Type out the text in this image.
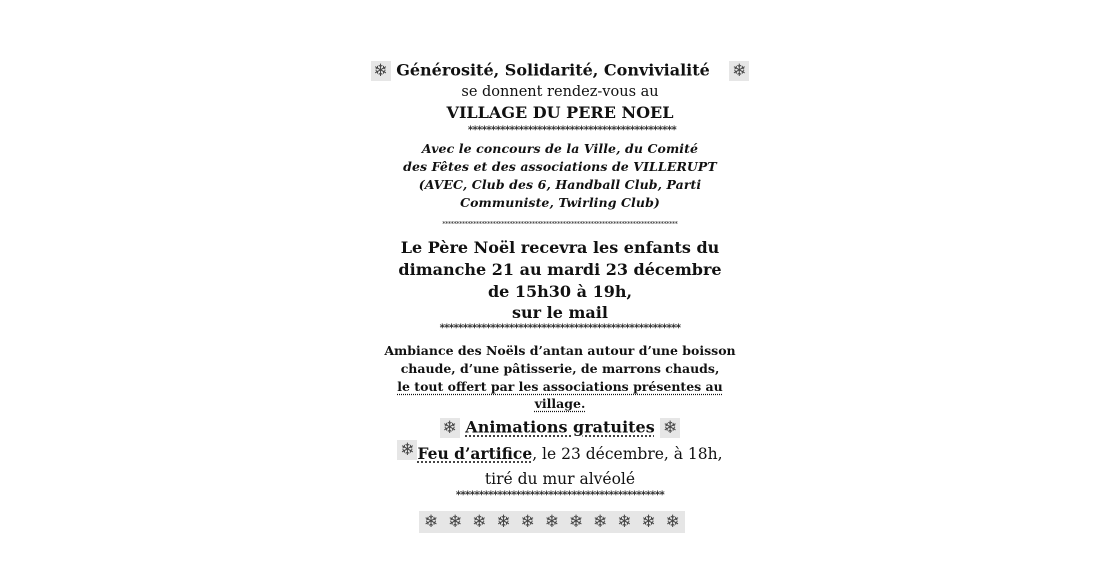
❄ Générosité, Solidarité, Convivialité ❄
se donnent rendez-vous au
VILLAGE DU PERE NOEL
*********************************************
Avec le concours de la Ville, du Comité
des Fêtes et des associations de VILLERUPT
(AVEC, Club des 6, Handball Club, Parti
Communiste, Twirling Club)
************************************************************************************
Le Père Noël recevra les enfants du
dimanche 21 au mardi 23 décembre
de 15h30 à 19h,
sur le mail
****************************************************
Ambiance des Noëls d’antan autour d’une boisson
chaude, d’une pâtisserie, de marrons chauds,
le tout offert par les associations présentes au
village.
❄ Animations gratuites ❄
❄ Feu d’artifice, le 23 décembre, à 18h,
tiré du mur alvéolé
*********************************************
❄ ❄ ❄ ❄ ❄ ❄ ❄ ❄ ❄ ❄ ❄
